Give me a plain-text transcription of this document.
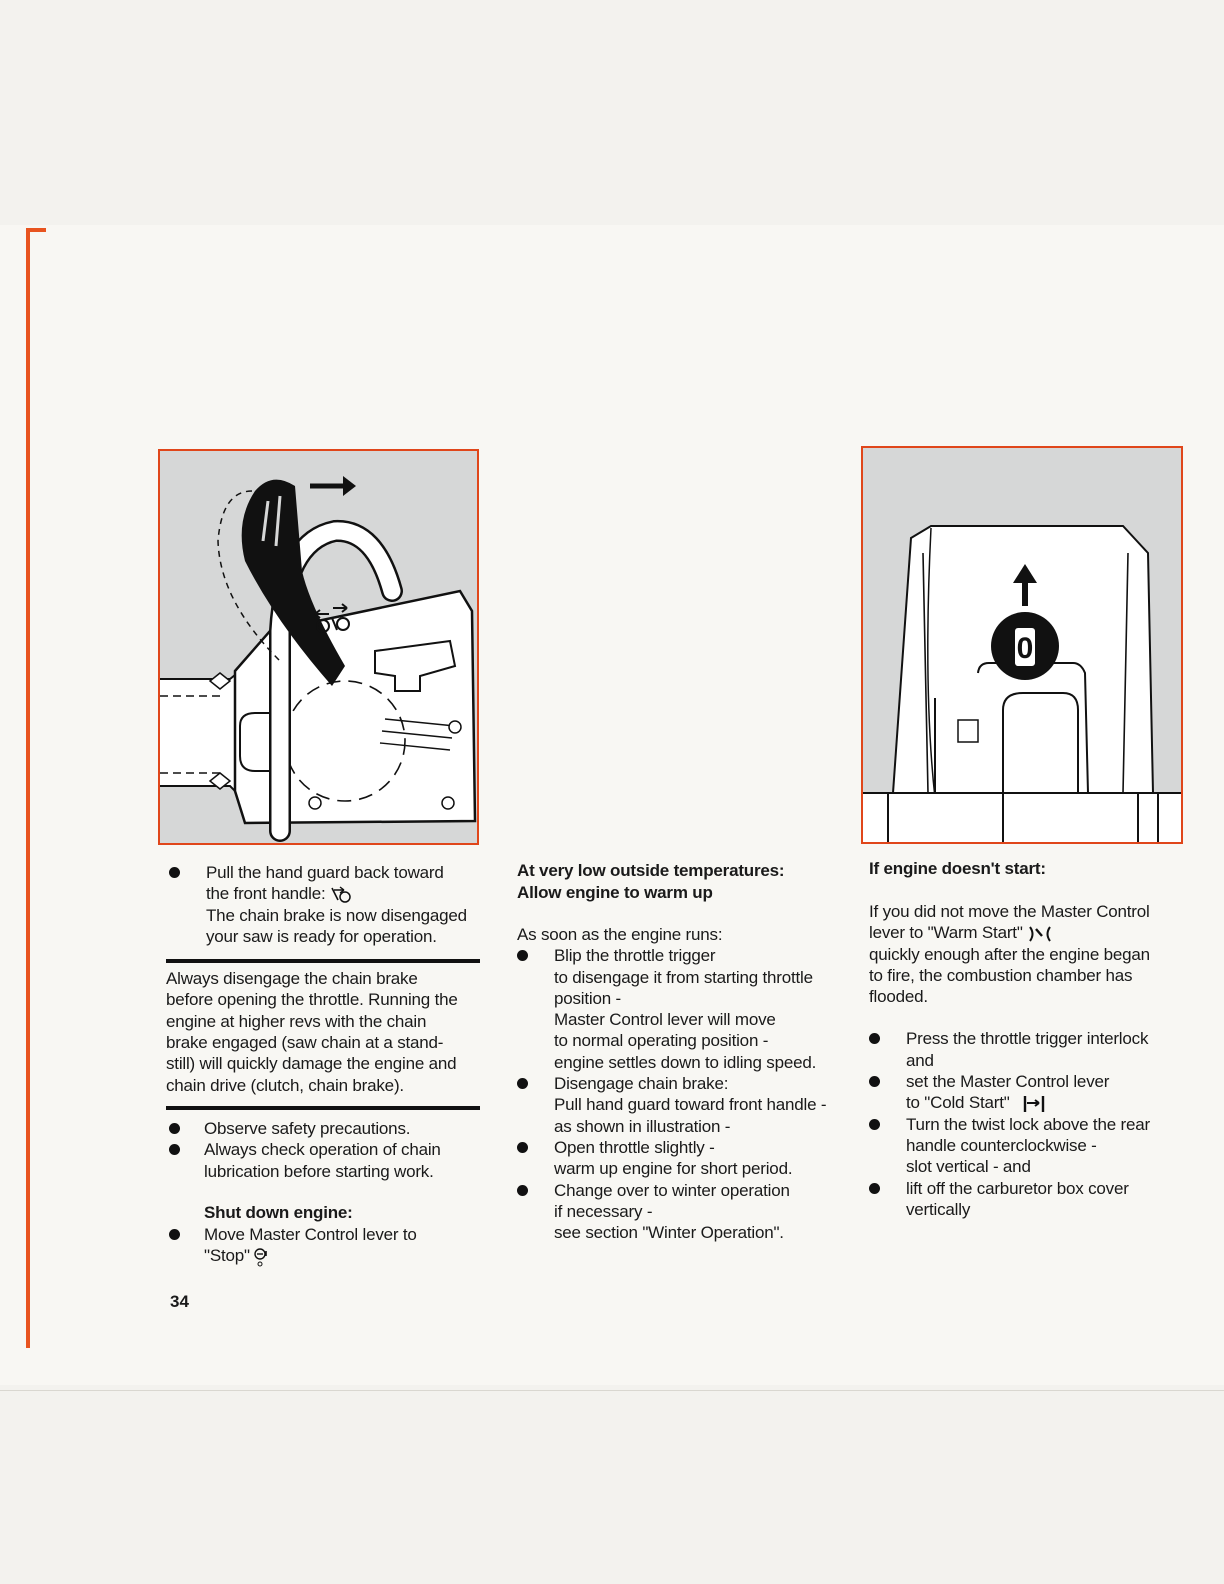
0
Pull the hand guard back toward
the front handle:
The chain brake is now disengaged
your saw is ready for operation.
Always disengage the chain brake
before opening the throttle. Running the
engine at higher revs with the chain
brake engaged (saw chain at a stand-
still) will quickly damage the engine and
chain drive (clutch, chain brake).
Observe safety precautions.
Always check operation of chain
lubrication before starting work.
Shut down engine:
Move Master Control lever to
"Stop"
At very low outside temperatures:
Allow engine to warm up
As soon as the engine runs:
Blip the throttle trigger
to disengage it from starting throttle
position -
Master Control lever will move
to normal operating position -
engine settles down to idling speed.
Disengage chain brake:
Pull hand guard toward front handle -
as shown in illustration -
Open throttle slightly -
warm up engine for short period.
Change over to winter operation
if necessary -
see section "Winter Operation".
If engine doesn't start:
If you did not move the Master Control
lever to "Warm Start"
quickly enough after the engine began
to fire, the combustion chamber has
flooded.
Press the throttle trigger interlock
and
set the Master Control lever
to "Cold Start"
Turn the twist lock above the rear
handle counterclockwise -
slot vertical - and
lift off the carburetor box cover
vertically
34
